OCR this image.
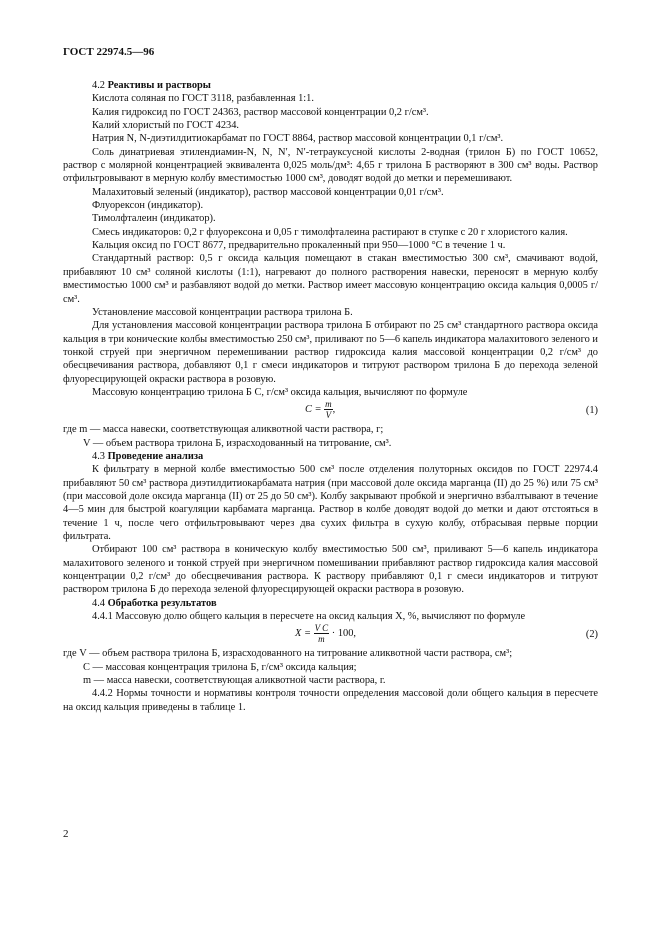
ГОСТ 22974.5—96

4.2 Реактивы и растворы

Кислота соляная по ГОСТ 3118, разбавленная 1:1.

Калия гидроксид по ГОСТ 24363, раствор массовой концентрации 0,2 г/см³.

Калий хлористый по ГОСТ 4234.

Натрия N, N-диэтилдитиокарбамат по ГОСТ 8864, раствор массовой концентрации 0,1 г/см³.

Соль динатриевая этилендиамин-N, N, N′, N′-тетрауксусной кислоты 2-водная (трилон Б) по ГОСТ 10652, раствор с молярной концентрацией эквивалента 0,025 моль/дм³: 4,65 г трилона Б растворяют в 300 см³ воды. Раствор отфильтровывают в мерную колбу вместимостью 1000 см³, доводят водой до метки и перемешивают.

Малахитовый зеленый (индикатор), раствор массовой концентрации 0,01 г/см³.

Флуорексон (индикатор).

Тимолфталеин (индикатор).

Смесь индикаторов: 0,2 г флуорексона и 0,05 г тимолфталеина растирают в ступке с 20 г хлористого калия.

Кальция оксид по ГОСТ 8677, предварительно прокаленный при 950—1000 °С в течение 1 ч.

Стандартный раствор: 0,5 г оксида кальция помещают в стакан вместимостью 300 см³, смачивают водой, прибавляют 10 см³ соляной кислоты (1:1), нагревают до полного растворения навески, переносят в мерную колбу вместимостью 1000 см³ и разбавляют водой до метки. Раствор имеет массовую концентрацию оксида кальция 0,0005 г/см³.

Установление массовой концентрации раствора трилона Б.

Для установления массовой концентрации раствора трилона Б отбирают по 25 см³ стандартного раствора оксида кальция в три конические колбы вместимостью 250 см³, приливают по 5—6 капель индикатора малахитового зеленого и тонкой струей при энергичном перемешивании раствор гидроксида калия массовой концентрации 0,2 г/см³ до обесцвечивания раствора, добавляют 0,1 г смеси индикаторов и титруют раствором трилона Б до перехода зеленой флуоресцирующей окраски раствора в розовую.

Массовую концентрацию трилона Б С, г/см³ оксида кальция, вычисляют по формуле

$C = \frac{m}{V}$ ,	(1)

где m — масса навески, соответствующая аликвотной части раствора, г;

V — объем раствора трилона Б, израсходованный на титрование, см³.

4.3 Проведение анализа

К фильтрату в мерной колбе вместимостью 500 см³ после отделения полуторных оксидов по ГОСТ 22974.4 прибавляют 50 см³ раствора диэтилдитиокарбамата натрия (при массовой доле оксида марганца (II) до 25 %) или 75 см³ (при массовой доле оксида марганца (II) от 25 до 50 см³). Колбу закрывают пробкой и энергично взбалтывают в течение 4—5 мин для быстрой коагуляции карбамата марганца. Раствор в колбе доводят водой до метки и дают отстояться в течение 1 ч, после чего отфильтровывают через два сухих фильтра в сухую колбу, отбрасывая первые порции фильтрата.

Отбирают 100 см³ раствора в коническую колбу вместимостью 500 см³, приливают 5—6 капель индикатора малахитового зеленого и тонкой струей при энергичном помешивании прибавляют раствор гидроксида калия массовой концентрации 0,2 г/см³ до обесцвечивания раствора. К раствору прибавляют 0,1 г смеси индикаторов и титруют раствором трилона Б до перехода зеленой флуоресцирующей окраски раствора в розовую.

4.4 Обработка результатов

4.4.1 Массовую долю общего кальция в пересчете на оксид кальция X, %, вычисляют по формуле

$X = \frac{\text{V C}}{m} \cdot 100$,	(2)

где V — объем раствора трилона Б, израсходованного на титрование аликвотной части раствора, см³;

C — массовая концентрация трилона Б, г/см³ оксида кальция;

m — масса навески, соответствующая аликвотной части раствора, г.

4.4.2 Нормы точности и нормативы контроля точности определения массовой доли общего кальция в пересчете на оксид кальция приведены в таблице 1.

2
